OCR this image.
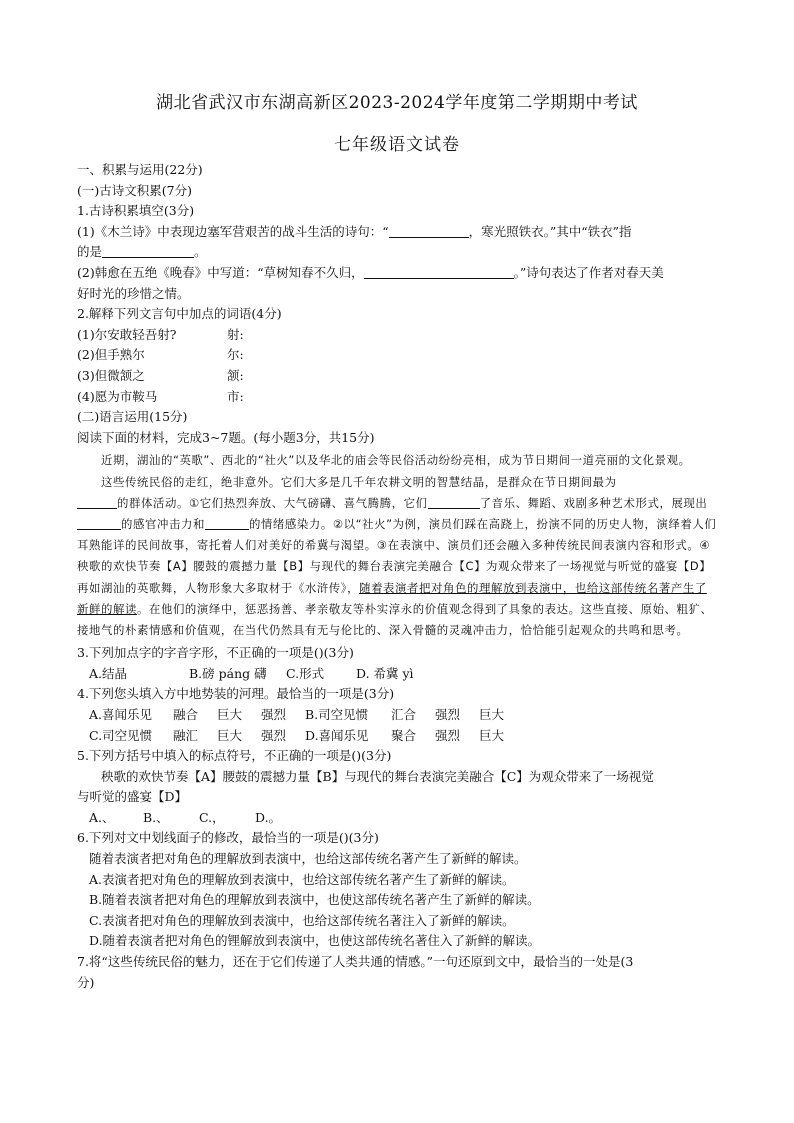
湖北省武汉市东湖高新区2023-2024学年度第二学期期中考试
七年级语文试卷
一、积累与运用(22分)
(一)古诗文积累(7分)
1.古诗积累填空(3分)
(1)《木兰诗》中表现边塞军营艰苦的战斗生活的诗句：“	，寒光照铁衣。”其中“铁衣”指
的是	。
(2)韩愈在五绝《晚春》中写道：“草树知春不久归，	。”诗句表达了作者对春天美
好时光的珍惜之情。
2.解释下列文言句中加点的词语(4分)
(1)尔安敢轻吾射?	射:
(2)但手熟尔	尔:
(3)但微颔之	颔:
(4)愿为市鞍马	市:
(二)语言运用(15分)
阅读下面的材料，完成3~7题。(每小题3分，共15分)

近期，湖汕的“英歌”、西北的“社火”以及华北的庙会等民俗活动纷纷亮相，成为节日期间一道亮丽的文化景观。

这些传统民俗的走红，绝非意外。它们大多是几千年农耕文明的智慧结晶，是群众在节日期间最为
的群体活动。①它们热烈奔放、大气磅礴、喜气腾腾，它们	了音乐、舞蹈、戏剧多种艺术形式，展现出的感官冲击力和	的情绪感染力。②以“社火”为例，演员们踩在高跷上，扮演不同的历史人物，演绎着人们耳熟能详的民间故事，寄托着人们对美好的希冀与渴望。③在表演中、演员们还会融入多种传统民间表演内容和形式。④秧歌的欢快节奏【A】腰鼓的震撼力量【B】与现代的舞台表演完美融合【C】为观众带来了一场视觉与听觉的盛宴【D】再如湖汕的英歌舞，人物形象大多取材于《水浒传》，随着表演者把对角色的理解放到表演中，也给这部传统名著产生了新鲜的解读。在他们的演绎中，惩恶扬善、孝亲敬友等朴实淳永的价值观念得到了具象的表达。这些直接、原始、粗犷、接地气的朴素情感和价值观，在当代仍然具有无与伦比的、深入骨髓的灵魂冲击力，恰恰能引起观众的共鸣和思考。

3.下列加点字的字音字形，不正确的一项是()(3分)
A.结晶	B.磅 páng 礴 C.形式	D. 希冀 yì
4.下列您头填入方中地势装的河理。最恰当的一项是(3分)
A.喜闻乐见 融合 巨大 强烈 B.司空见惯 汇合 强烈 巨大
C.司空见惯 融汇 巨大 强烈 D.喜闻乐见 聚合 强烈 巨大
5.下列方括号中填入的标点符号，不正确的一项是()(3分)
秧歌的欢快节奏【A】腰鼓的震撼力量【B】与现代的舞台表演完美融合【C】为观众带来了一场视觉
与听觉的盛宴【D】
A.、 B.、 C.， D.。
6.下列对文中划线面子的修改，最恰当的一项是()(3分)
随着表演者把对角色的理解放到表演中，也给这部传统名著产生了新鲜的解读。
A.表演者把对角色的理解放到表演中，也给这部传统名著产生了新鲜的解读。
B.随着表演者把对角色的理解放到表演中，也使这部传统名著产生了新鲜的解读。
C.表演者把对角色的理解放到表演中，也给这部传统名著注入了新鲜的解读。
D.随着表演者把对角色的锂解放到表演中，也使这部传统名著住入了新鲜的解读。
7.将“这些传统民俗的魅力，还在于它们传递了人类共通的情感。”一句还原到文中，最恰当的一处是(3
分)
